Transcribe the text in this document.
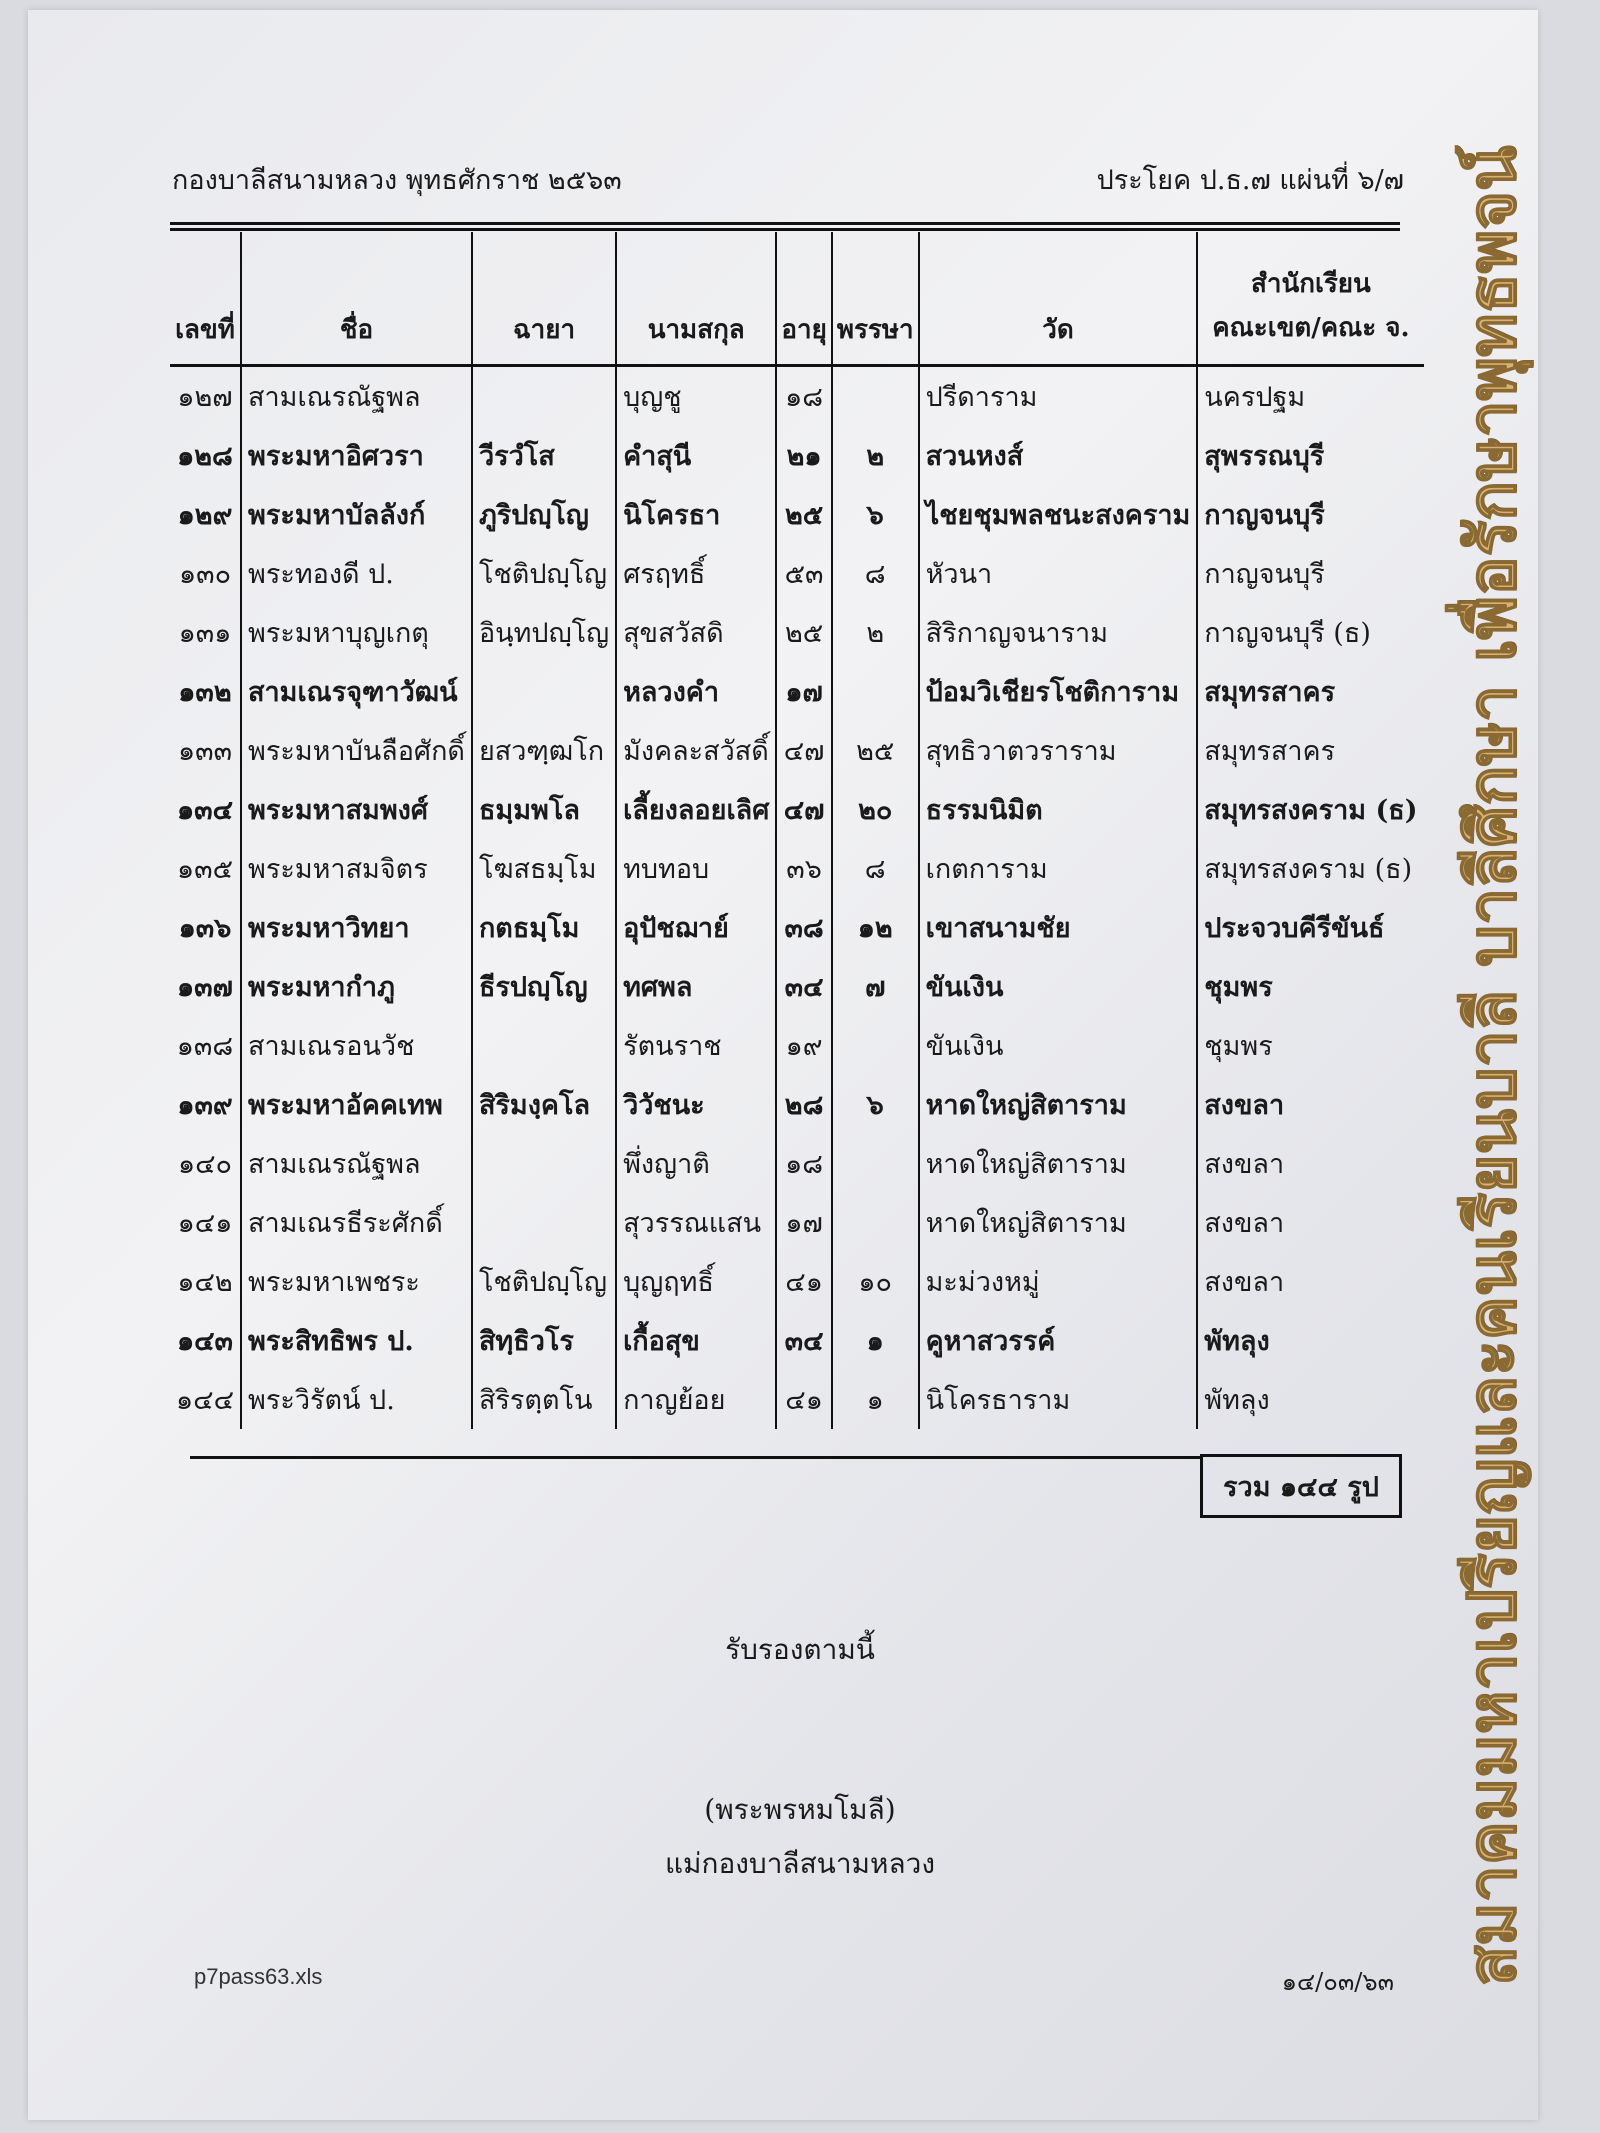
กองบาลีสนามหลวง พุทธศักราช ๒๕๖๓	ประโยค ป.ธ.๗ แผ่นที่ ๖/๗
เลขที่	ชื่อ	ฉายา	นามสกุล	อายุ	พรรษา	วัด	สำนักเรียน
คณะเขต/คณะ จ.

๑๒๗	สามเณรณัฐพล		บุญชู	๑๘		ปรีดาราม	นครปฐม
๑๒๘	พระมหาอิศวรา	วีรวํโส	คำสุนี	๒๑	๒	สวนหงส์	สุพรรณบุรี
๑๒๙	พระมหาบัลลังก์	ภูริปญฺโญ	นิโครธา	๒๕	๖	ไชยชุมพลชนะสงคราม	กาญจนบุรี
๑๓๐	พระทองดี ป.	โชติปญฺโญ	ศรฤทธิ์	๕๓	๘	หัวนา	กาญจนบุรี
๑๓๑	พระมหาบุญเกตุ	อินฺทปญฺโญ	สุขสวัสดิ	๒๕	๒	สิริกาญจนาราม	กาญจนบุรี (ธ)
๑๓๒	สามเณรจุฑาวัฒน์		หลวงคำ	๑๗		ป้อมวิเชียรโชติการาม	สมุทรสาคร
๑๓๓	พระมหาบันลือศักดิ์	ยสวฑฺฒโก	มังคละสวัสดิ์	๔๗	๒๕	สุทธิวาตวราราม	สมุทรสาคร
๑๓๔	พระมหาสมพงศ์	ธมฺมพโล	เลี้ยงลอยเลิศ	๔๗	๒๐	ธรรมนิมิต	สมุทรสงคราม (ธ)
๑๓๕	พระมหาสมจิตร	โฆสธมฺโม	ทบทอบ	๓๖	๘	เกตการาม	สมุทรสงคราม (ธ)
๑๓๖	พระมหาวิทยา	กตธมฺโม	อุปัชฌาย์	๓๘	๑๒	เขาสนามชัย	ประจวบคีรีขันธ์
๑๓๗	พระมหากำภู	ธีรปญฺโญ	ทศพล	๓๔	๗	ขันเงิน	ชุมพร
๑๓๘	สามเณรอนวัช		รัตนราช	๑๙		ขันเงิน	ชุมพร
๑๓๙	พระมหาอัคคเทพ	สิริมงฺคโล	วิวัชนะ	๒๘	๖	หาดใหญ่สิตาราม	สงขลา
๑๔๐	สามเณรณัฐพล		พึ่งญาติ	๑๘		หาดใหญ่สิตาราม	สงขลา
๑๔๑	สามเณรธีระศักดิ์		สุวรรณแสน	๑๗		หาดใหญ่สิตาราม	สงขลา
๑๔๒	พระมหาเพชระ	โชติปญฺโญ	บุญฤทธิ์	๔๑	๑๐	มะม่วงหมู่	สงขลา
๑๔๓	พระสิทธิพร ป.	สิทฺธิวโร	เกื้อสุข	๓๔	๑	คูหาสวรรค์	พัทลุง
๑๔๔	พระวิรัตน์ ป.	สิริรตฺตโน	กาญย้อย	๔๑	๑	นิโครธาราม	พัทลุง
รวม ๑๔๔ รูป
รับรองตามนี้
(พระพรหมโมลี)
แม่กองบาลีสนามหลวง
p7pass63.xls	๑๔/๐๓/๖๓ สมาคมมหาเปรียญและคนเรียนบาลี บาลีศึกษา เพื่อรักษาพุทธพจน์
